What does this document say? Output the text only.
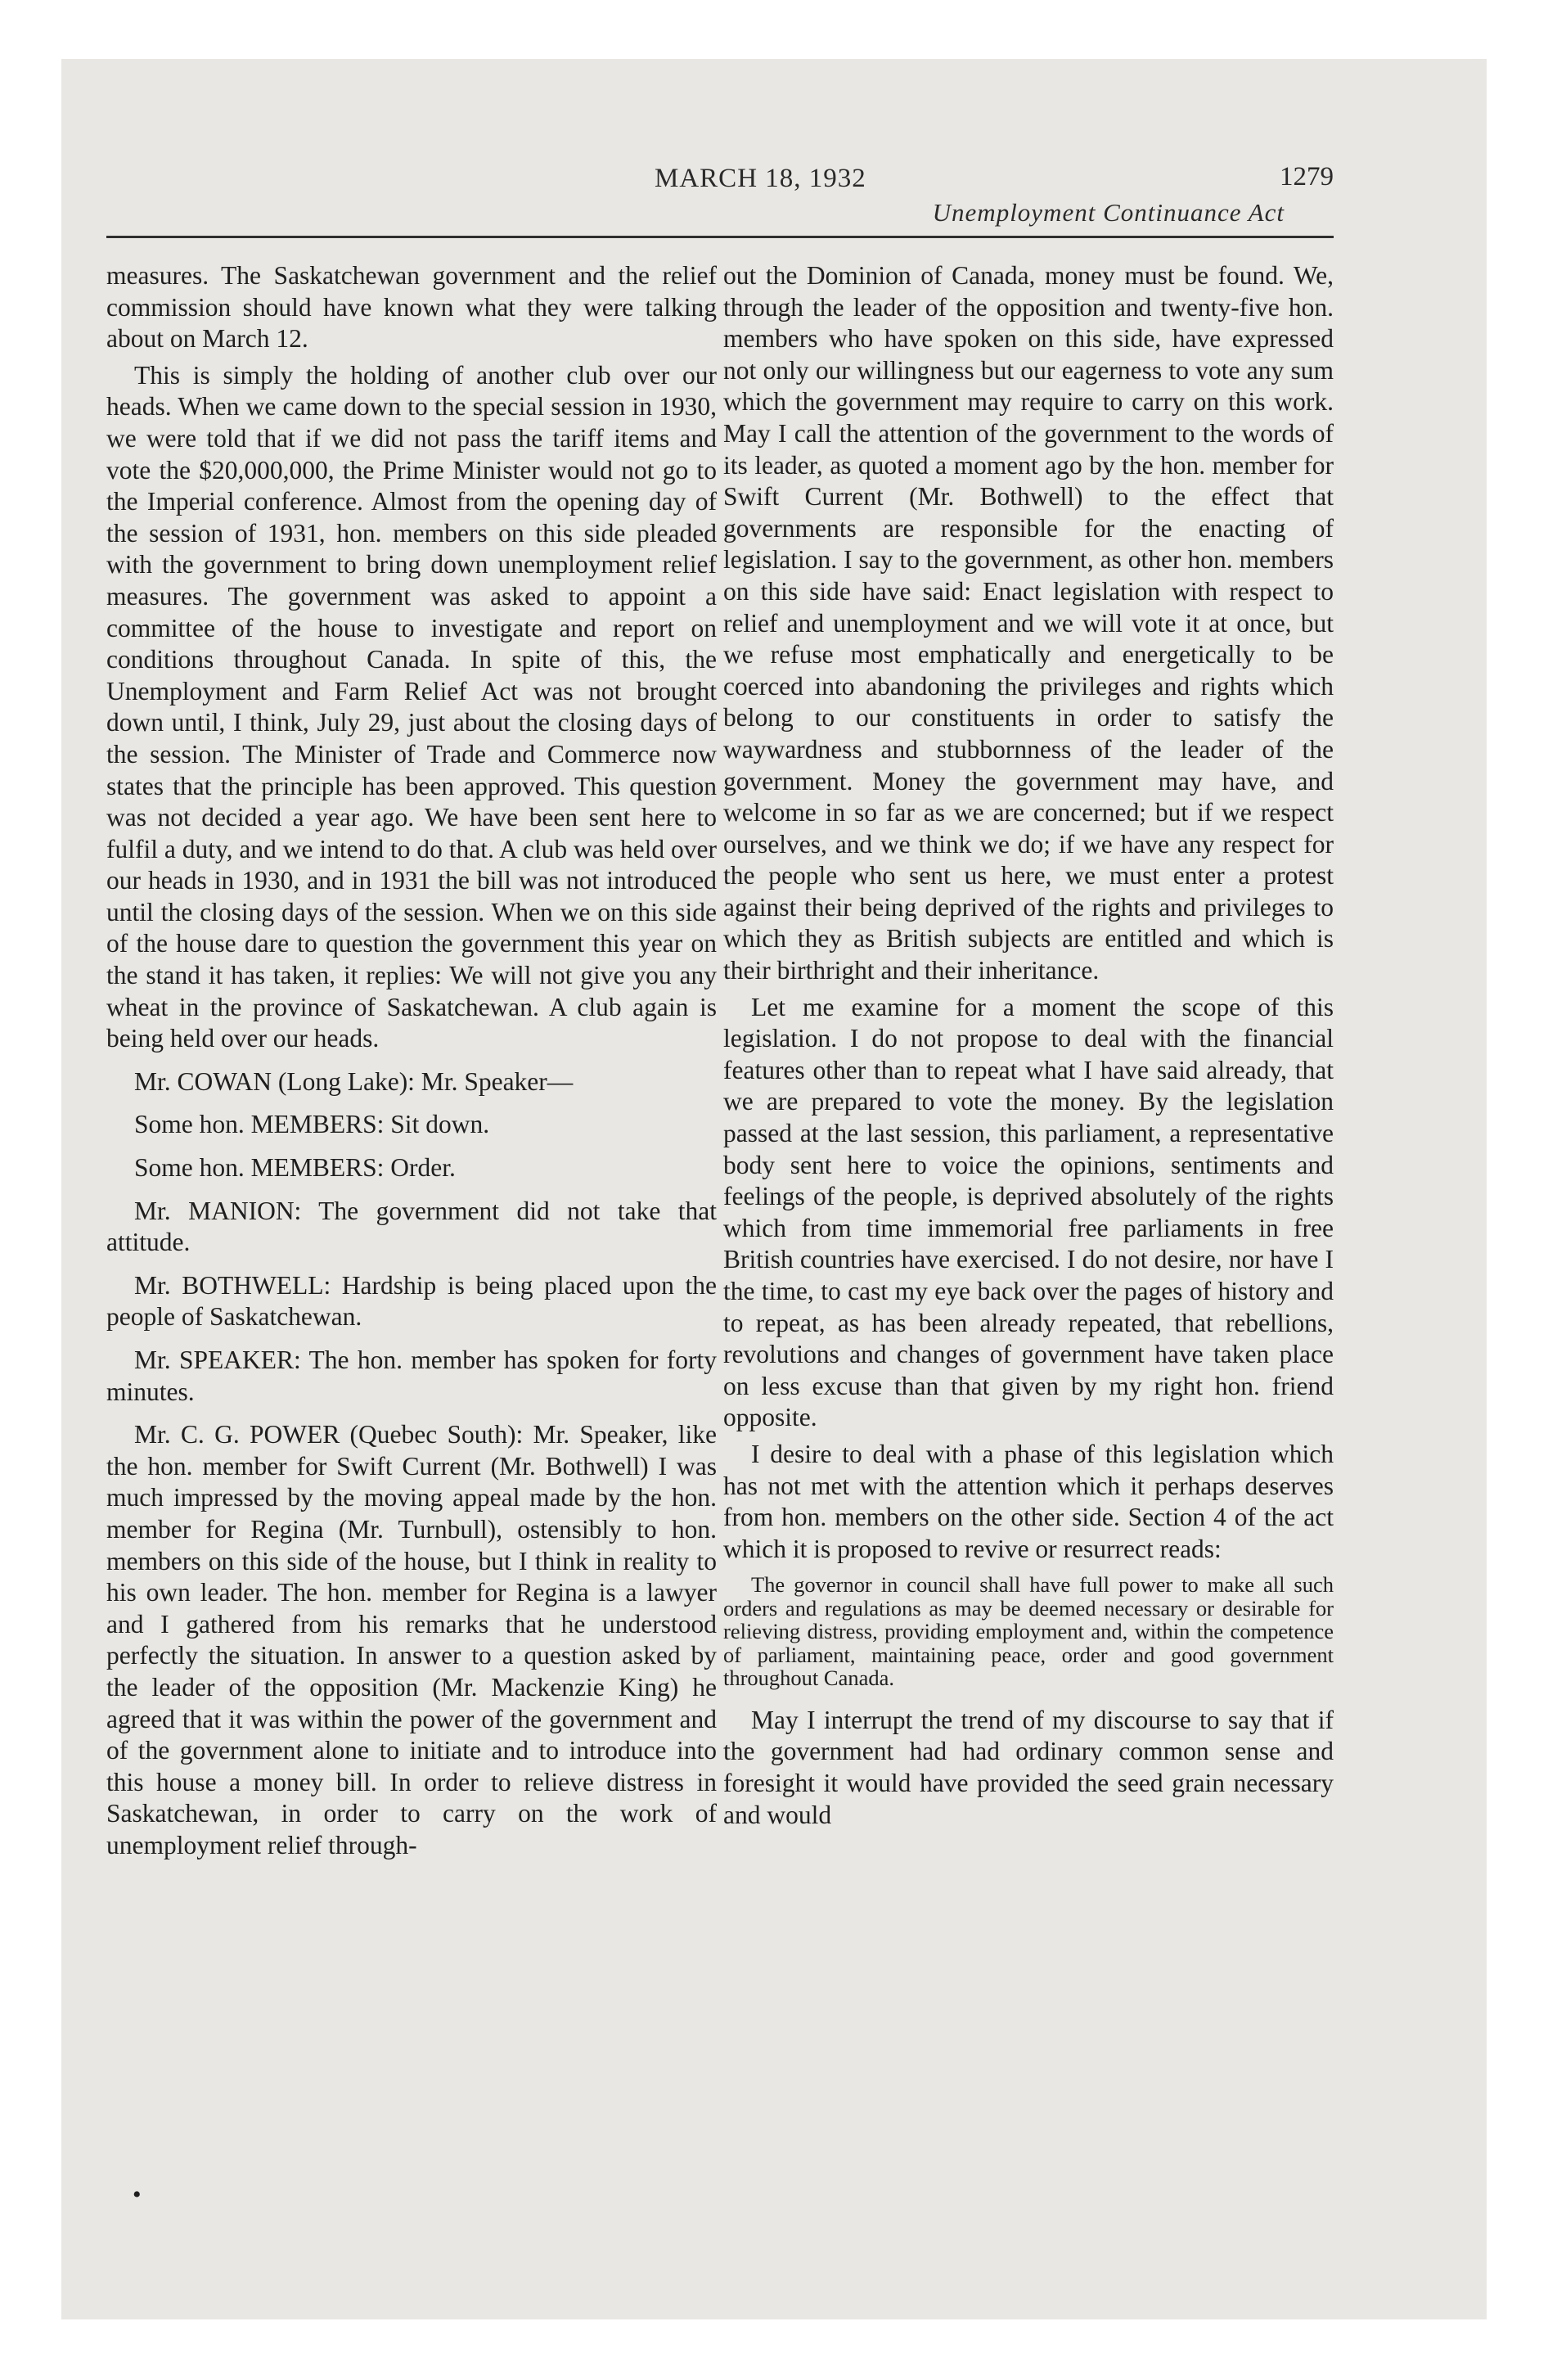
MARCH 18, 1932	1279
Unemployment Continuance Act

measures. The Saskatchewan government and the relief commission should have known what they were talking about on March 12.

This is simply the holding of another club over our heads. When we came down to the special session in 1930, we were told that if we did not pass the tariff items and vote the $20,000,000, the Prime Minister would not go to the Imperial conference. Almost from the opening day of the session of 1931, hon. members on this side pleaded with the government to bring down unemployment relief measures. The government was asked to appoint a committee of the house to investigate and report on conditions throughout Canada. In spite of this, the Unemployment and Farm Relief Act was not brought down until, I think, July 29, just about the closing days of the session. The Minister of Trade and Commerce now states that the principle has been approved. This question was not decided a year ago. We have been sent here to fulfil a duty, and we intend to do that. A club was held over our heads in 1930, and in 1931 the bill was not introduced until the closing days of the session. When we on this side of the house dare to question the government this year on the stand it has taken, it replies: We will not give you any wheat in the province of Saskatchewan. A club again is being held over our heads.

Mr. COWAN (Long Lake): Mr. Speaker—

Some hon. MEMBERS: Sit down.

Some hon. MEMBERS: Order.

Mr. MANION: The government did not take that attitude.

Mr. BOTHWELL: Hardship is being placed upon the people of Saskatchewan.

Mr. SPEAKER: The hon. member has spoken for forty minutes.

Mr. C. G. POWER (Quebec South): Mr. Speaker, like the hon. member for Swift Current (Mr. Bothwell) I was much impressed by the moving appeal made by the hon. member for Regina (Mr. Turnbull), ostensibly to hon. members on this side of the house, but I think in reality to his own leader. The hon. member for Regina is a lawyer and I gathered from his remarks that he understood perfectly the situation. In answer to a question asked by the leader of the opposition (Mr. Mackenzie King) he agreed that it was within the power of the government and of the government alone to initiate and to introduce into this house a money bill. In order to relieve distress in Saskatchewan, in order to carry on the work of unemployment relief through-

out the Dominion of Canada, money must be found. We, through the leader of the opposition and twenty-five hon. members who have spoken on this side, have expressed not only our willingness but our eagerness to vote any sum which the government may require to carry on this work. May I call the attention of the government to the words of its leader, as quoted a moment ago by the hon. member for Swift Current (Mr. Bothwell) to the effect that governments are responsible for the enacting of legislation. I say to the government, as other hon. members on this side have said: Enact legislation with respect to relief and unemployment and we will vote it at once, but we refuse most emphatically and energetically to be coerced into abandoning the privileges and rights which belong to our constituents in order to satisfy the waywardness and stubbornness of the leader of the government. Money the government may have, and welcome in so far as we are concerned; but if we respect ourselves, and we think we do; if we have any respect for the people who sent us here, we must enter a protest against their being deprived of the rights and privileges to which they as British subjects are entitled and which is their birthright and their inheritance.

Let me examine for a moment the scope of this legislation. I do not propose to deal with the financial features other than to repeat what I have said already, that we are prepared to vote the money. By the legislation passed at the last session, this parliament, a representative body sent here to voice the opinions, sentiments and feelings of the people, is deprived absolutely of the rights which from time immemorial free parliaments in free British countries have exercised. I do not desire, nor have I the time, to cast my eye back over the pages of history and to repeat, as has been already repeated, that rebellions, revolutions and changes of government have taken place on less excuse than that given by my right hon. friend opposite.

I desire to deal with a phase of this legislation which has not met with the attention which it perhaps deserves from hon. members on the other side. Section 4 of the act which it is proposed to revive or resurrect reads:

The governor in council shall have full power to make all such orders and regulations as may be deemed necessary or desirable for relieving distress, providing employment and, within the competence of parliament, maintaining peace, order and good government throughout Canada.

May I interrupt the trend of my discourse to say that if the government had had ordinary common sense and foresight it would have provided the seed grain necessary and would

•
